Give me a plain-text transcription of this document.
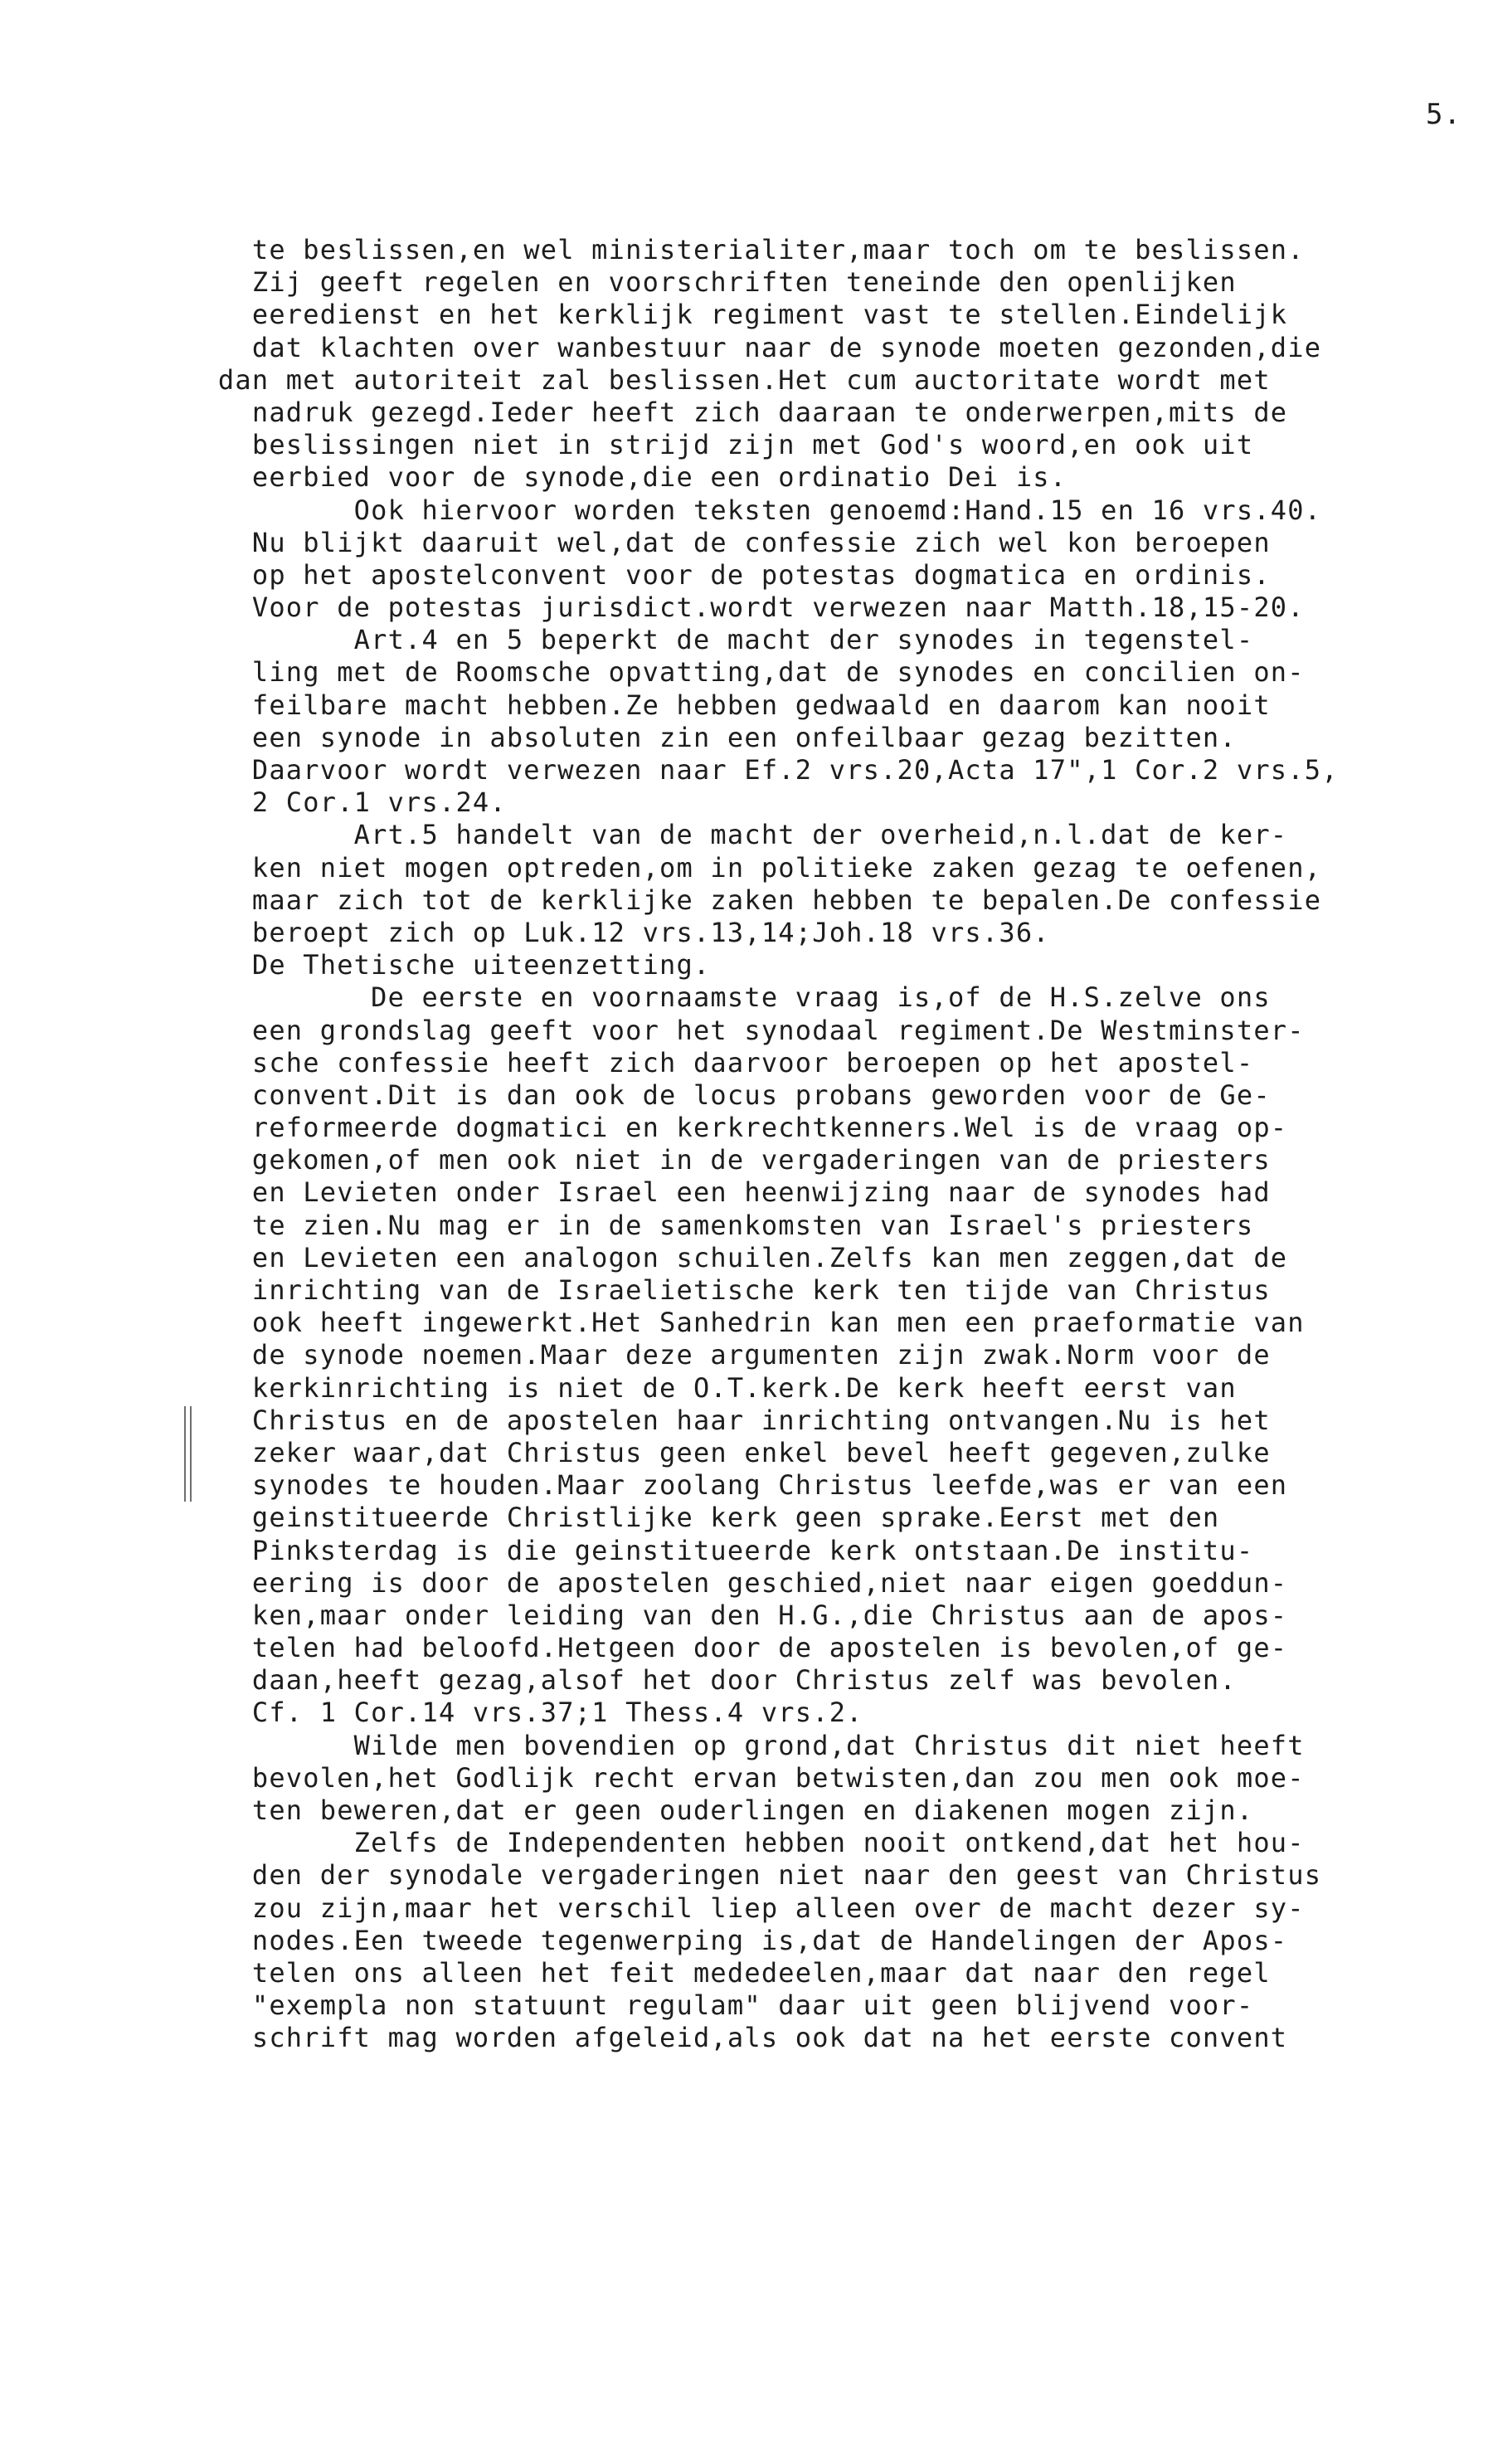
5.
te beslissen,en wel ministerialiter,maar toch om te beslissen.
Zij geeft regelen en voorschriften teneinde den openlijken
eeredienst en het kerklijk regiment vast te stellen.Eindelijk
dat klachten over wanbestuur naar de synode moeten gezonden,die
dan met autoriteit zal beslissen.Het cum auctoritate wordt met
nadruk gezegd.Ieder heeft zich daaraan te onderwerpen,mits de
beslissingen niet in strijd zijn met God's woord,en ook uit
eerbied voor de synode,die een ordinatio Dei is.
Ook hiervoor worden teksten genoemd:Hand.15 en 16 vrs.40.
Nu blijkt daaruit wel,dat de confessie zich wel kon beroepen
op het apostelconvent voor de potestas dogmatica en ordinis.
Voor de potestas jurisdict.wordt verwezen naar Matth.18,15-20.
Art.4 en 5 beperkt de macht der synodes in tegenstel-
ling met de Roomsche opvatting,dat de synodes en concilien on-
feilbare macht hebben.Ze hebben gedwaald en daarom kan nooit
een synode in absoluten zin een onfeilbaar gezag bezitten.
Daarvoor wordt verwezen naar Ef.2 vrs.20,Acta 17",1 Cor.2 vrs.5,
2 Cor.1 vrs.24.
Art.5 handelt van de macht der overheid,n.l.dat de ker-
ken niet mogen optreden,om in politieke zaken gezag te oefenen,
maar zich tot de kerklijke zaken hebben te bepalen.De confessie
beroept zich op Luk.12 vrs.13,14;Joh.18 vrs.36.
De Thetische uiteenzetting.
De eerste en voornaamste vraag is,of de H.S.zelve ons
een grondslag geeft voor het synodaal regiment.De Westminster-
sche confessie heeft zich daarvoor beroepen op het apostel-
convent.Dit is dan ook de locus probans geworden voor de Ge-
reformeerde dogmatici en kerkrechtkenners.Wel is de vraag op-
gekomen,of men ook niet in de vergaderingen van de priesters
en Levieten onder Israel een heenwijzing naar de synodes had
te zien.Nu mag er in de samenkomsten van Israel's priesters
en Levieten een analogon schuilen.Zelfs kan men zeggen,dat de
inrichting van de Israelietische kerk ten tijde van Christus
ook heeft ingewerkt.Het Sanhedrin kan men een praeformatie van
de synode noemen.Maar deze argumenten zijn zwak.Norm voor de
kerkinrichting is niet de O.T.kerk.De kerk heeft eerst van
Christus en de apostelen haar inrichting ontvangen.Nu is het
zeker waar,dat Christus geen enkel bevel heeft gegeven,zulke
synodes te houden.Maar zoolang Christus leefde,was er van een
geinstitueerde Christlijke kerk geen sprake.Eerst met den
Pinksterdag is die geinstitueerde kerk ontstaan.De institu-
eering is door de apostelen geschied,niet naar eigen goeddun-
ken,maar onder leiding van den H.G.,die Christus aan de apos-
telen had beloofd.Hetgeen door de apostelen is bevolen,of ge-
daan,heeft gezag,alsof het door Christus zelf was bevolen.
Cf. 1 Cor.14 vrs.37;1 Thess.4 vrs.2.
Wilde men bovendien op grond,dat Christus dit niet heeft
bevolen,het Godlijk recht ervan betwisten,dan zou men ook moe-
ten beweren,dat er geen ouderlingen en diakenen mogen zijn.
Zelfs de Independenten hebben nooit ontkend,dat het hou-
den der synodale vergaderingen niet naar den geest van Christus
zou zijn,maar het verschil liep alleen over de macht dezer sy-
nodes.Een tweede tegenwerping is,dat de Handelingen der Apos-
telen ons alleen het feit mededeelen,maar dat naar den regel
"exempla non statuunt regulam" daar uit geen blijvend voor-
schrift mag worden afgeleid,als ook dat na het eerste convent
